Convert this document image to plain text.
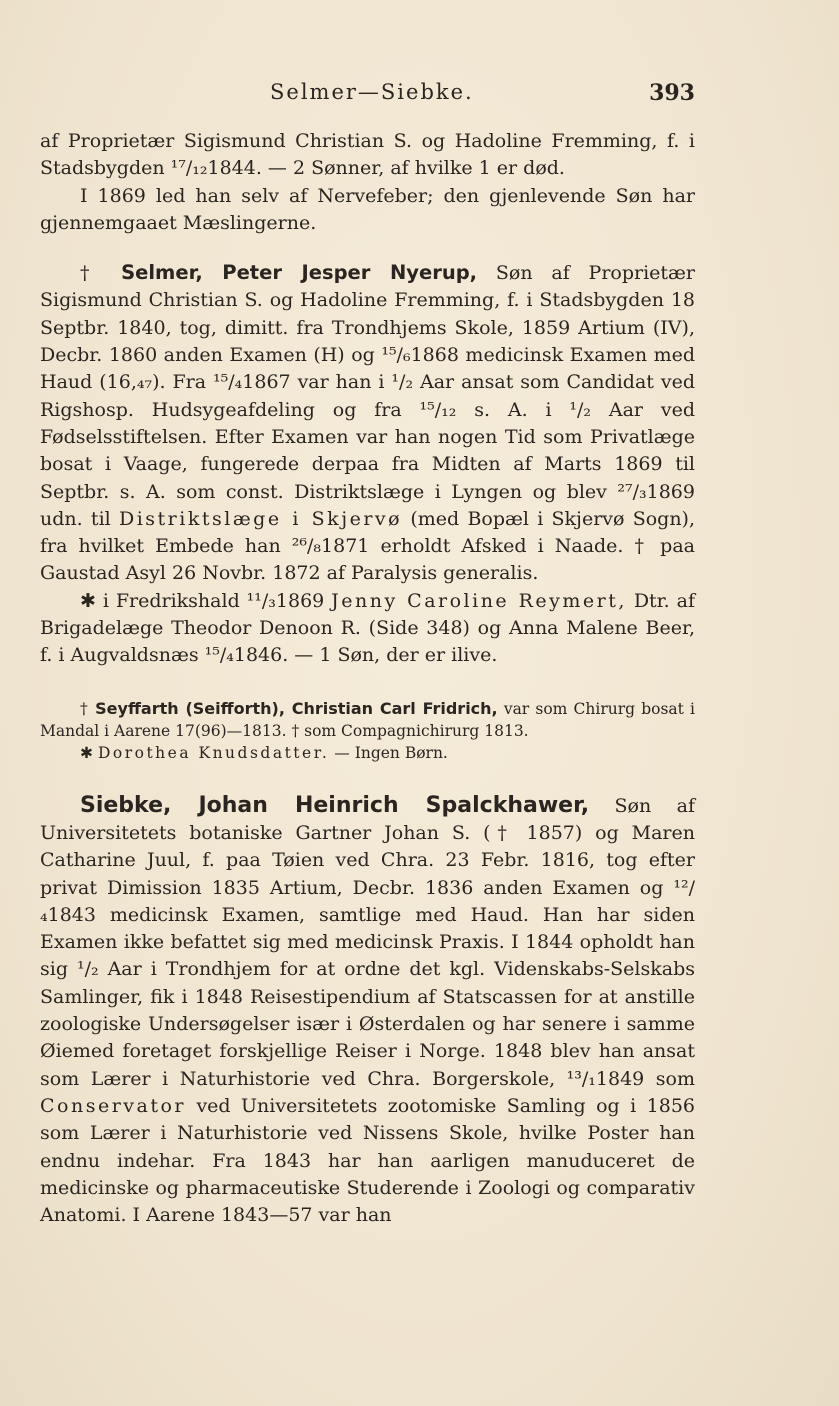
Selmer—Siebke.	393

af Proprietær Sigismund Christian S. og Hadoline Fremming, f. i Stadsbygden ¹⁷/₁₂1844. — 2 Sønner, af hvilke 1 er død.

I 1869 led han selv af Nervefeber; den gjenlevende Søn har gjennemgaaet Mæslingerne.

† Selmer, Peter Jesper Nyerup, Søn af Proprietær Sigismund Christian S. og Hadoline Fremming, f. i Stadsbygden 18 Septbr. 1840, tog, dimitt. fra Trondhjems Skole, 1859 Artium (IV), Decbr. 1860 anden Examen (H) og ¹⁵/₆1868 medicinsk Examen med Haud (16,₄₇). Fra ¹⁵/₄1867 var han i ¹/₂ Aar ansat som Candidat ved Rigshosp. Hudsygeafdeling og fra ¹⁵/₁₂ s. A. i ¹/₂ Aar ved Fødselsstiftelsen. Efter Examen var han nogen Tid som Privatlæge bosat i Vaage, fungerede derpaa fra Midten af Marts 1869 til Septbr. s. A. som const. Distriktslæge i Lyngen og blev ²⁷/₃1869 udn. til Distriktslæge i Skjervø (med Bopæl i Skjervø Sogn), fra hvilket Embede han ²⁶/₈1871 erholdt Afsked i Naade. † paa Gaustad Asyl 26 Novbr. 1872 af Paralysis generalis.

✱ i Fredrikshald ¹¹/₃1869 Jenny Caroline Reymert, Dtr. af Brigadelæge Theodor Denoon R. (Side 348) og Anna Malene Beer, f. i Augvaldsnæs ¹⁵/₄1846. — 1 Søn, der er ilive.

† Seyffarth (Seifforth), Christian Carl Fridrich, var som Chirurg bosat i Mandal i Aarene 17(96)—1813. † som Compagnichirurg 1813.

✱ Dorothea Knudsdatter. — Ingen Børn.

Siebke, Johan Heinrich Spalckhawer, Søn af Universitetets botaniske Gartner Johan S. († 1857) og Maren Catharine Juul, f. paa Tøien ved Chra. 23 Febr. 1816, tog efter privat Dimission 1835 Artium, Decbr. 1836 anden Examen og ¹²/₄1843 medicinsk Examen, samtlige med Haud. Han har siden Examen ikke befattet sig med medicinsk Praxis. I 1844 opholdt han sig ¹/₂ Aar i Trondhjem for at ordne det kgl. Videnskabs-Selskabs Samlinger, fik i 1848 Reisestipendium af Statscassen for at anstille zoologiske Undersøgelser især i Østerdalen og har senere i samme Øiemed foretaget forskjellige Reiser i Norge. 1848 blev han ansat som Lærer i Naturhistorie ved Chra. Borgerskole, ¹³/₁1849 som Conservator ved Universitetets zootomiske Samling og i 1856 som Lærer i Naturhistorie ved Nissens Skole, hvilke Poster han endnu indehar. Fra 1843 har han aarligen manuduceret de medicinske og pharmaceutiske Studerende i Zoologi og comparativ Anatomi. I Aarene 1843—57 var han
